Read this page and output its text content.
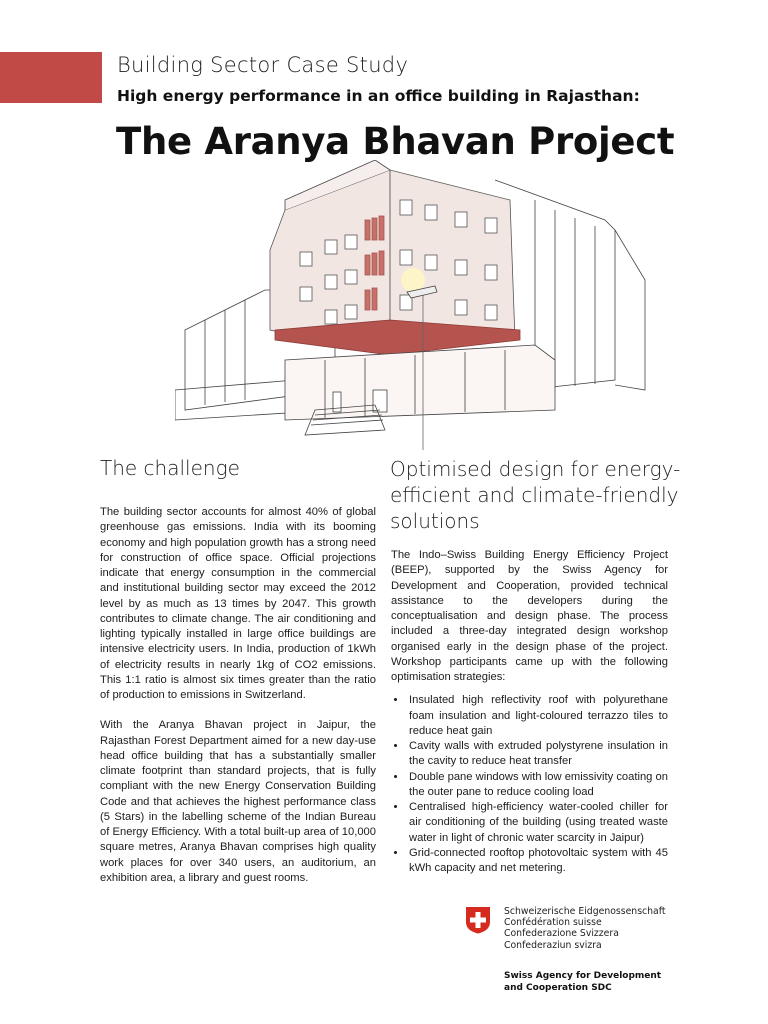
Building Sector Case Study
High energy performance in an office building in Rajasthan:
The Aranya Bhavan Project
The challenge

The building sector accounts for almost 40% of global greenhouse gas emissions. India with its booming economy and high population growth has a strong need for construction of office space. Official projections indicate that energy consumption in the commercial and institutional building sector may exceed the 2012 level by as much as 13 times by 2047. This growth contributes to climate change. The air conditioning and lighting typically installed in large office buildings are intensive electricity users. In India, production of 1kWh of electricity results in nearly 1kg of CO2 emissions. This 1:1 ratio is almost six times greater than the ratio of production to emissions in Switzerland.

With the Aranya Bhavan project in Jaipur, the Rajasthan Forest Department aimed for a new day-use head office building that has a substantially smaller climate footprint than standard projects, that is fully compliant with the new Energy Conservation Building Code and that achieves the highest performance class (5 Stars) in the labelling scheme of the Indian Bureau of Energy Efficiency. With a total built-up area of 10,000 square metres, Aranya Bhavan comprises high quality work places for over 340 users, an auditorium, an exhibition area, a library and guest rooms.

Optimised design for energy-efficient and climate-friendly solutions

The Indo–Swiss Building Energy Efficiency Project (BEEP), supported by the Swiss Agency for Development and Cooperation, provided technical assistance to the developers during the conceptualisation and design phase. The process included a three-day integrated design workshop organised early in the design phase of the project. Workshop participants came up with the following optimisation strategies:

• Insulated high reflectivity roof with polyurethane foam insulation and light-coloured terrazzo tiles to reduce heat gain
• Cavity walls with extruded polystyrene insulation in the cavity to reduce heat transfer
• Double pane windows with low emissivity coating on the outer pane to reduce cooling load
• Centralised high-efficiency water-cooled chiller for air conditioning of the building (using treated waste water in light of chronic water scarcity in Jaipur)
• Grid-connected rooftop photovoltaic system with 45 kWh capacity and net metering.
Schweizerische Eidgenossenschaft
Confédération suisse
Confederazione Svizzera
Confederaziun svizra
Swiss Agency for Development
and Cooperation SDC
